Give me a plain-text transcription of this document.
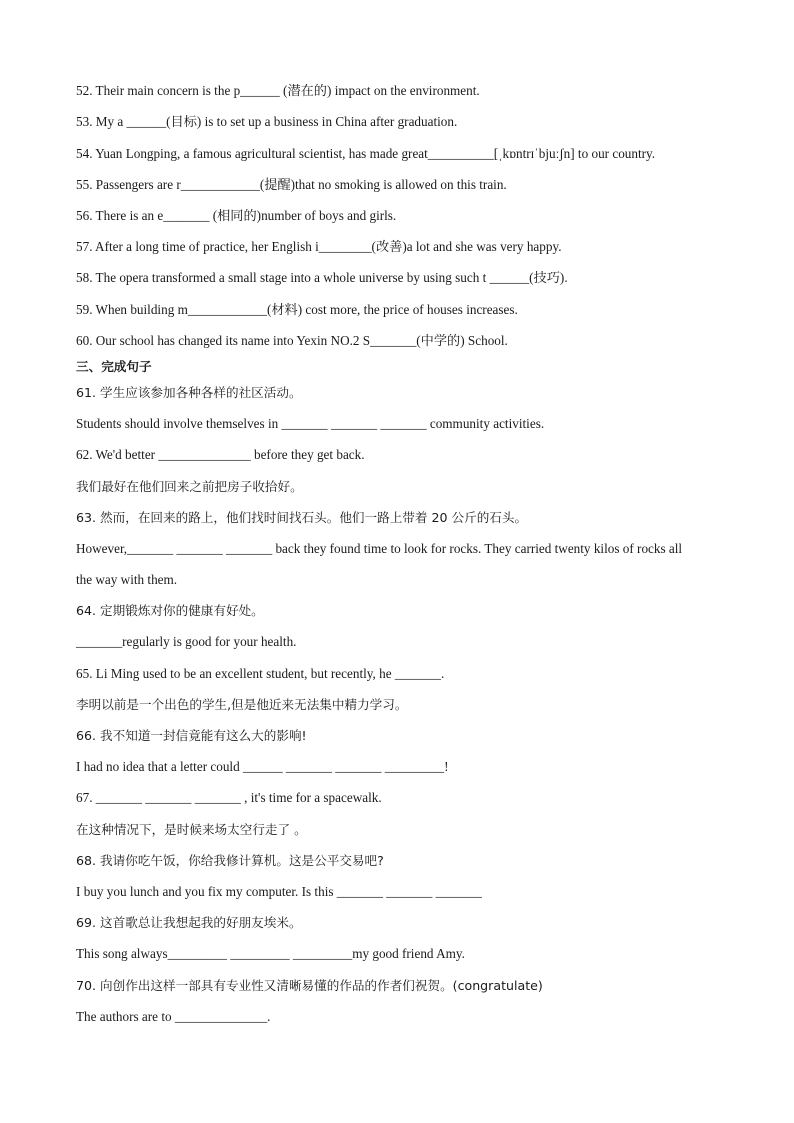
52. Their main concern is the p______ (潜在的) impact on the environment.
53. My a ______(目标) is to set up a business in China after graduation.
54. Yuan Longping, a famous agricultural scientist, has made great__________[ˌkɒntrɪˈbjuːʃn] to our country.
55. Passengers are r____________(提醒)that no smoking is allowed on this train.
56. There is an e_______ (相同的)number of boys and girls.
57. After a long time of practice, her English i________(改善)a lot and she was very happy.
58. The opera transformed a small stage into a whole universe by using such t ______(技巧).
59. When building m____________(材料) cost more, the price of houses increases.
60. Our school has changed its name into Yexin NO.2 S_______(中学的) School.
三、完成句子
61. 学生应该参加各种各样的社区活动。
Students should involve themselves in _______ _______ _______ community activities.
62. We'd better ______________ before they get back.
我们最好在他们回来之前把房子收拾好。
63. 然而，在回来的路上，他们找时间找石头。他们一路上带着 20 公斤的石头。
However,_______ _______ _______ back they found time to look for rocks. They carried twenty kilos of rocks all
the way with them.
64. 定期锻炼对你的健康有好处。
_______regularly is good for your health.
65. Li Ming used to be an excellent student, but recently, he _______.
李明以前是一个出色的学生,但是他近来无法集中精力学习。
66. 我不知道一封信竟能有这么大的影响!
I had no idea that a letter could ______ _______ _______ _________!
67. _______ _______ _______ , it's time for a spacewalk.
在这种情况下，是时候来场太空行走了 。
68. 我请你吃午饭，你给我修计算机。这是公平交易吧?
I buy you lunch and you fix my computer. Is this _______ _______ _______
69. 这首歌总让我想起我的好朋友埃米。
This song always_________ _________ _________my good friend Amy.
70. 向创作出这样一部具有专业性又清晰易懂的作品的作者们祝贺。(congratulate)
The authors are to ______________.
